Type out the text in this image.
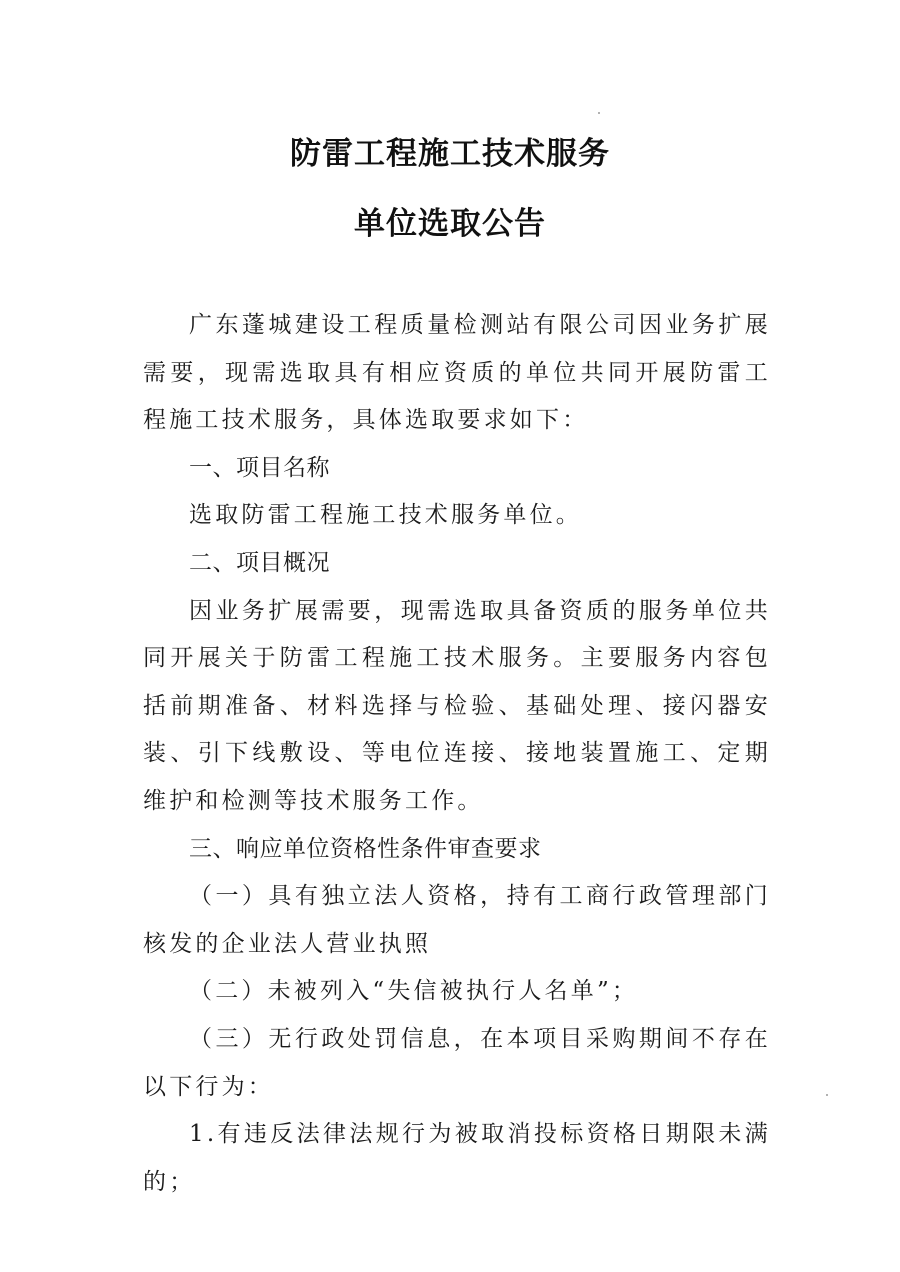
防雷工程施工技术服务
单位选取公告

广东蓬城建设工程质量检测站有限公司因业务扩展需要，现需选取具有相应资质的单位共同开展防雷工程施工技术服务，具体选取要求如下：

一、项目名称

选取防雷工程施工技术服务单位。

二、项目概况

因业务扩展需要，现需选取具备资质的服务单位共同开展关于防雷工程施工技术服务。主要服务内容包括前期准备、材料选择与检验、基础处理、接闪器安装、引下线敷设、等电位连接、接地装置施工、定期维护和检测等技术服务工作。

三、响应单位资格性条件审查要求

（一）具有独立法人资格，持有工商行政管理部门核发的企业法人营业执照

（二）未被列入“失信被执行人名单”；

（三）无行政处罚信息，在本项目采购期间不存在以下行为：

1.有违反法律法规行为被取消投标资格日期限未满的；
